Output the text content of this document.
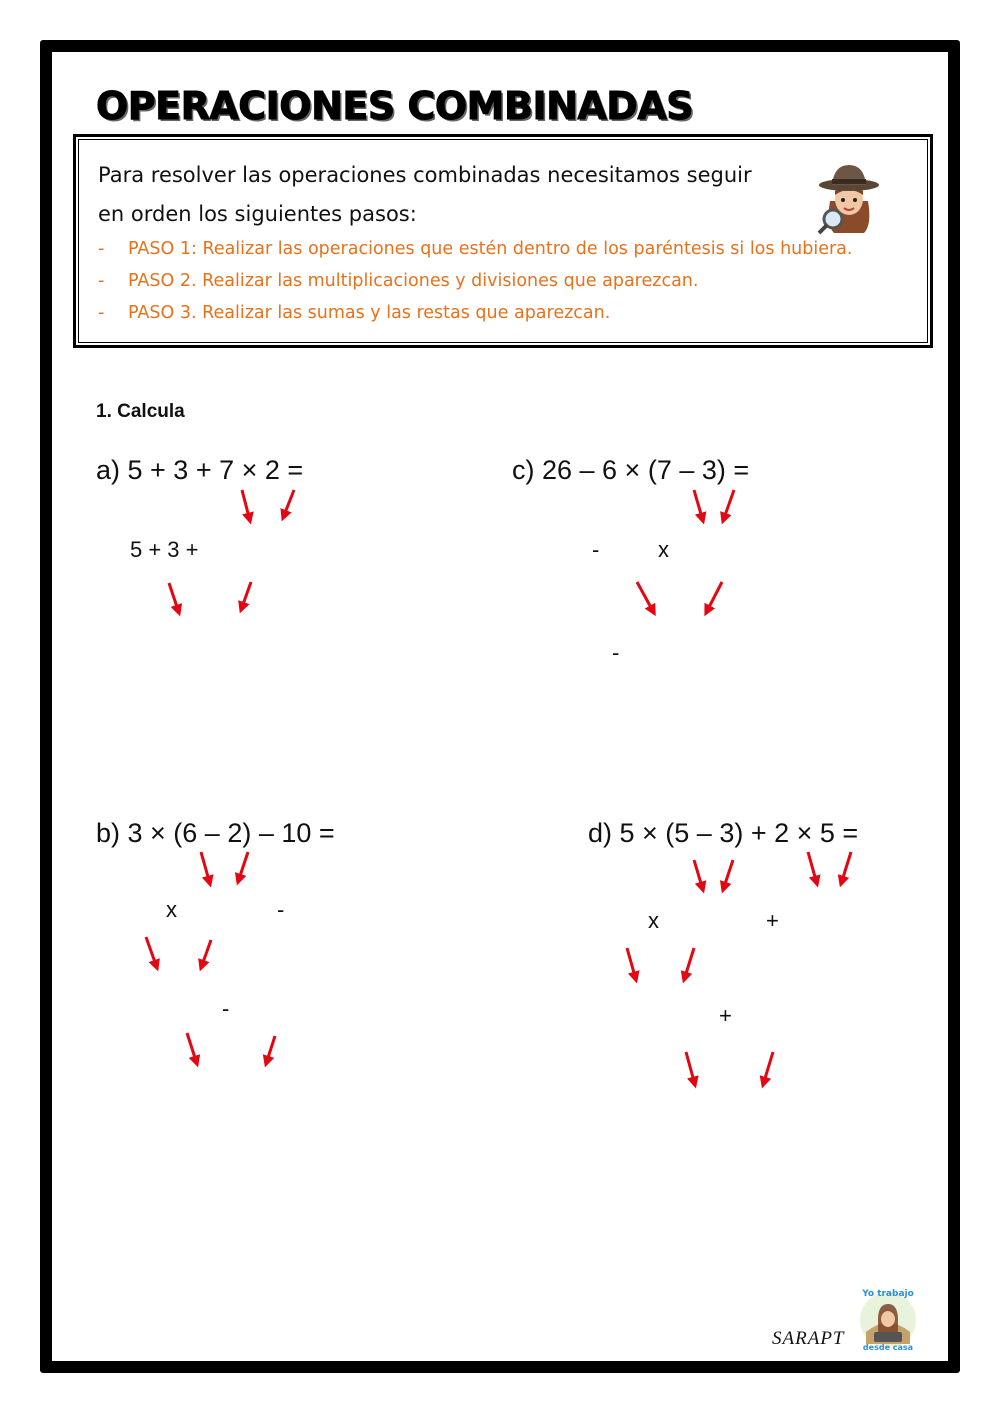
OPERACIONES COMBINADAS
Para resolver las operaciones combinadas necesitamos seguir
en orden los siguientes pasos:
- PASO 1: Realizar las operaciones que estén dentro de los paréntesis si los hubiera.
- PASO 2. Realizar las multiplicaciones y divisiones que aparezcan.
- PASO 3. Realizar las sumas y las restas que aparezcan.
1. Calcula
a) 5 + 3 + 7 × 2 =
5 + 3 +
c) 26 – 6 × (7 – 3) =
-	x
-
b) 3 × (6 – 2) – 10 =
x	-
-
d) 5 × (5 – 3) + 2 × 5 =
x	+
+
SARAPT
Yo trabajo
desde casa
